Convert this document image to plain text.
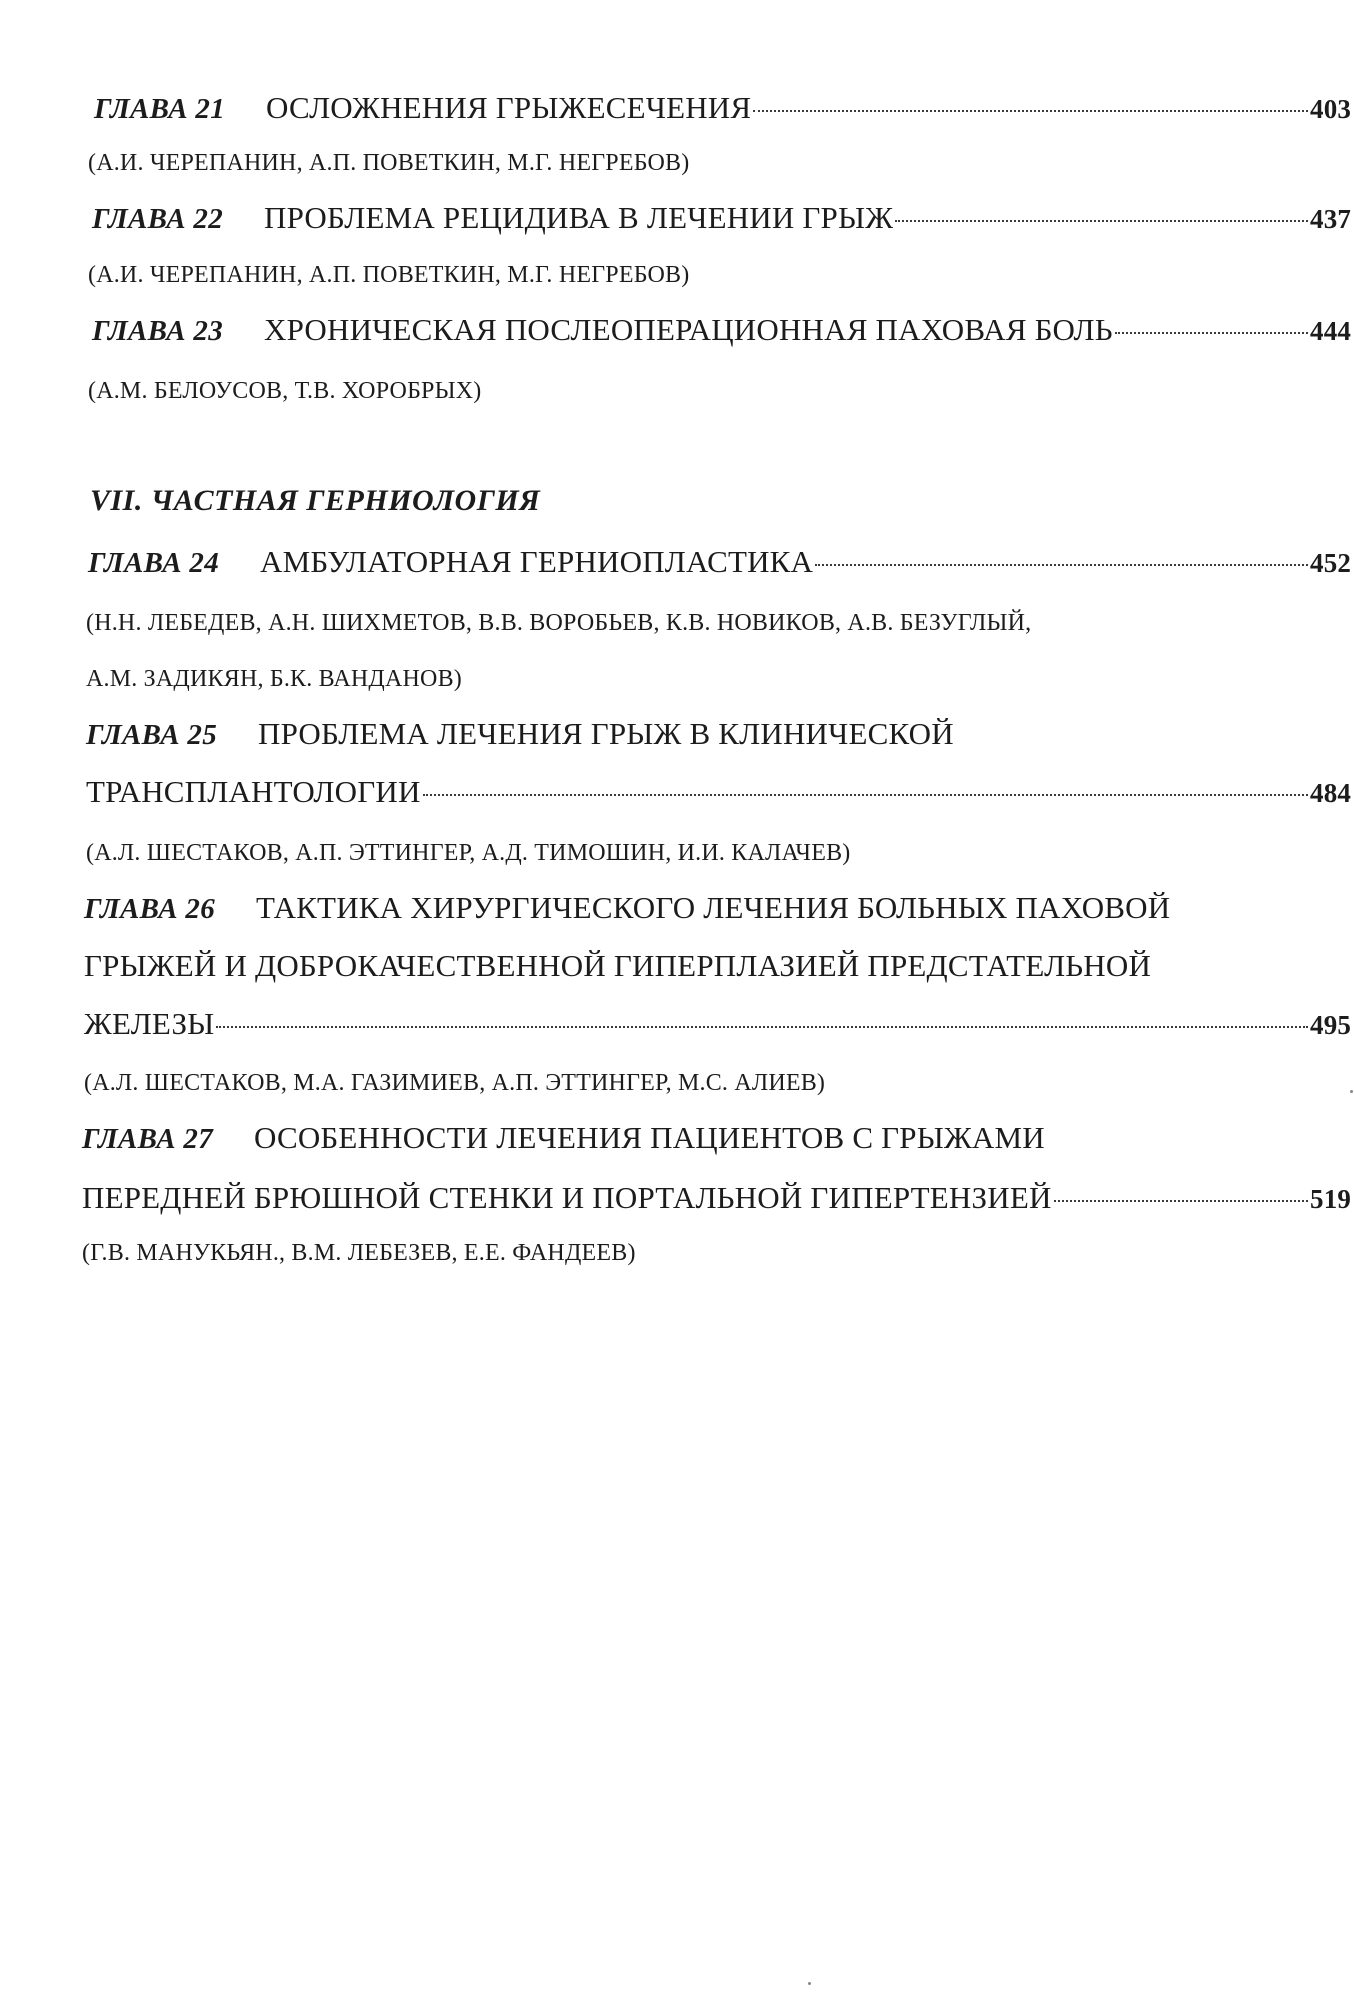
ГЛАВА 21	ОСЛОЖНЕНИЯ ГРЫЖЕСЕЧЕНИЯ	403
(А.И. ЧЕРЕПАНИН, А.П. ПОВЕТКИН, М.Г. НЕГРЕБОВ)
ГЛАВА 22	ПРОБЛЕМА РЕЦИДИВА В ЛЕЧЕНИИ ГРЫЖ	437
(А.И. ЧЕРЕПАНИН, А.П. ПОВЕТКИН, М.Г. НЕГРЕБОВ)
ГЛАВА 23	ХРОНИЧЕСКАЯ ПОСЛЕОПЕРАЦИОННАЯ ПАХОВАЯ БОЛЬ	444
(А.М. БЕЛОУСОВ, Т.В. ХОРОБРЫХ)
VII. ЧАСТНАЯ ГЕРНИОЛОГИЯ
ГЛАВА 24	АМБУЛАТОРНАЯ ГЕРНИОПЛАСТИКА	452
(Н.Н. ЛЕБЕДЕВ, А.Н. ШИХМЕТОВ, В.В. ВОРОБЬЕВ, К.В. НОВИКОВ, А.В. БЕЗУГЛЫЙ,
А.М. ЗАДИКЯН, Б.К. ВАНДАНОВ)
ГЛАВА 25	ПРОБЛЕМА ЛЕЧЕНИЯ ГРЫЖ В КЛИНИЧЕСКОЙ
ТРАНСПЛАНТОЛОГИИ	484
(А.Л. ШЕСТАКОВ, А.П. ЭТТИНГЕР, А.Д. ТИМОШИН, И.И. КАЛАЧЕВ)
ГЛАВА 26	ТАКТИКА ХИРУРГИЧЕСКОГО ЛЕЧЕНИЯ БОЛЬНЫХ ПАХОВОЙ
ГРЫЖЕЙ И ДОБРОКАЧЕСТВЕННОЙ ГИПЕРПЛАЗИЕЙ ПРЕДСТАТЕЛЬНОЙ
ЖЕЛЕЗЫ	495
(А.Л. ШЕСТАКОВ, М.А. ГАЗИМИЕВ, А.П. ЭТТИНГЕР, М.С. АЛИЕВ)
ГЛАВА 27	ОСОБЕННОСТИ ЛЕЧЕНИЯ ПАЦИЕНТОВ С ГРЫЖАМИ
ПЕРЕДНЕЙ БРЮШНОЙ СТЕНКИ И ПОРТАЛЬНОЙ ГИПЕРТЕНЗИЕЙ	519
(Г.В. МАНУКЬЯН., В.М. ЛЕБЕЗЕВ, Е.Е. ФАНДЕЕВ)
